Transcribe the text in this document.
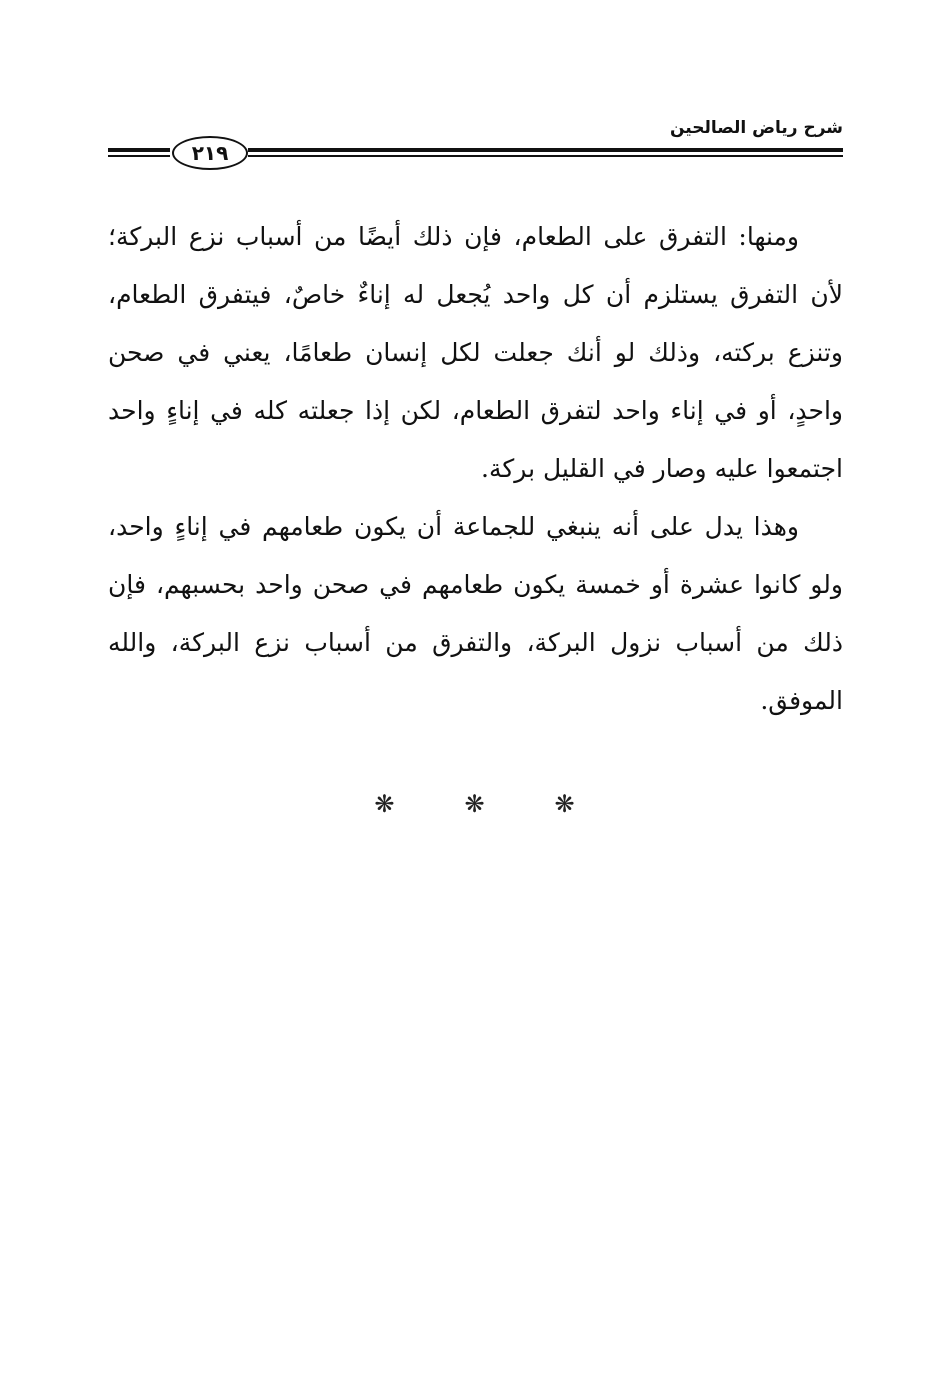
شرح رياض الصالحين
٢١٩

ومنها: التفرق على الطعام، فإن ذلك أيضًا من أسباب نزع البركة؛ لأن التفرق يستلزم أن كل واحد يُجعل له إناءٌ خاصٌ، فيتفرق الطعام، وتنزع بركته، وذلك لو أنك جعلت لكل إنسان طعامًا، يعني في صحن واحدٍ، أو في إناء واحد لتفرق الطعام، لكن إذا جعلته كله في إناءٍ واحد اجتمعوا عليه وصار في القليل بركة.

وهذا يدل على أنه ينبغي للجماعة أن يكون طعامهم في إناءٍ واحد، ولو كانوا عشرة أو خمسة يكون طعامهم في صحن واحد بحسبهم، فإن ذلك من أسباب نزول البركة، والتفرق من أسباب نزع البركة، والله الموفق.

❋	❋	❋
